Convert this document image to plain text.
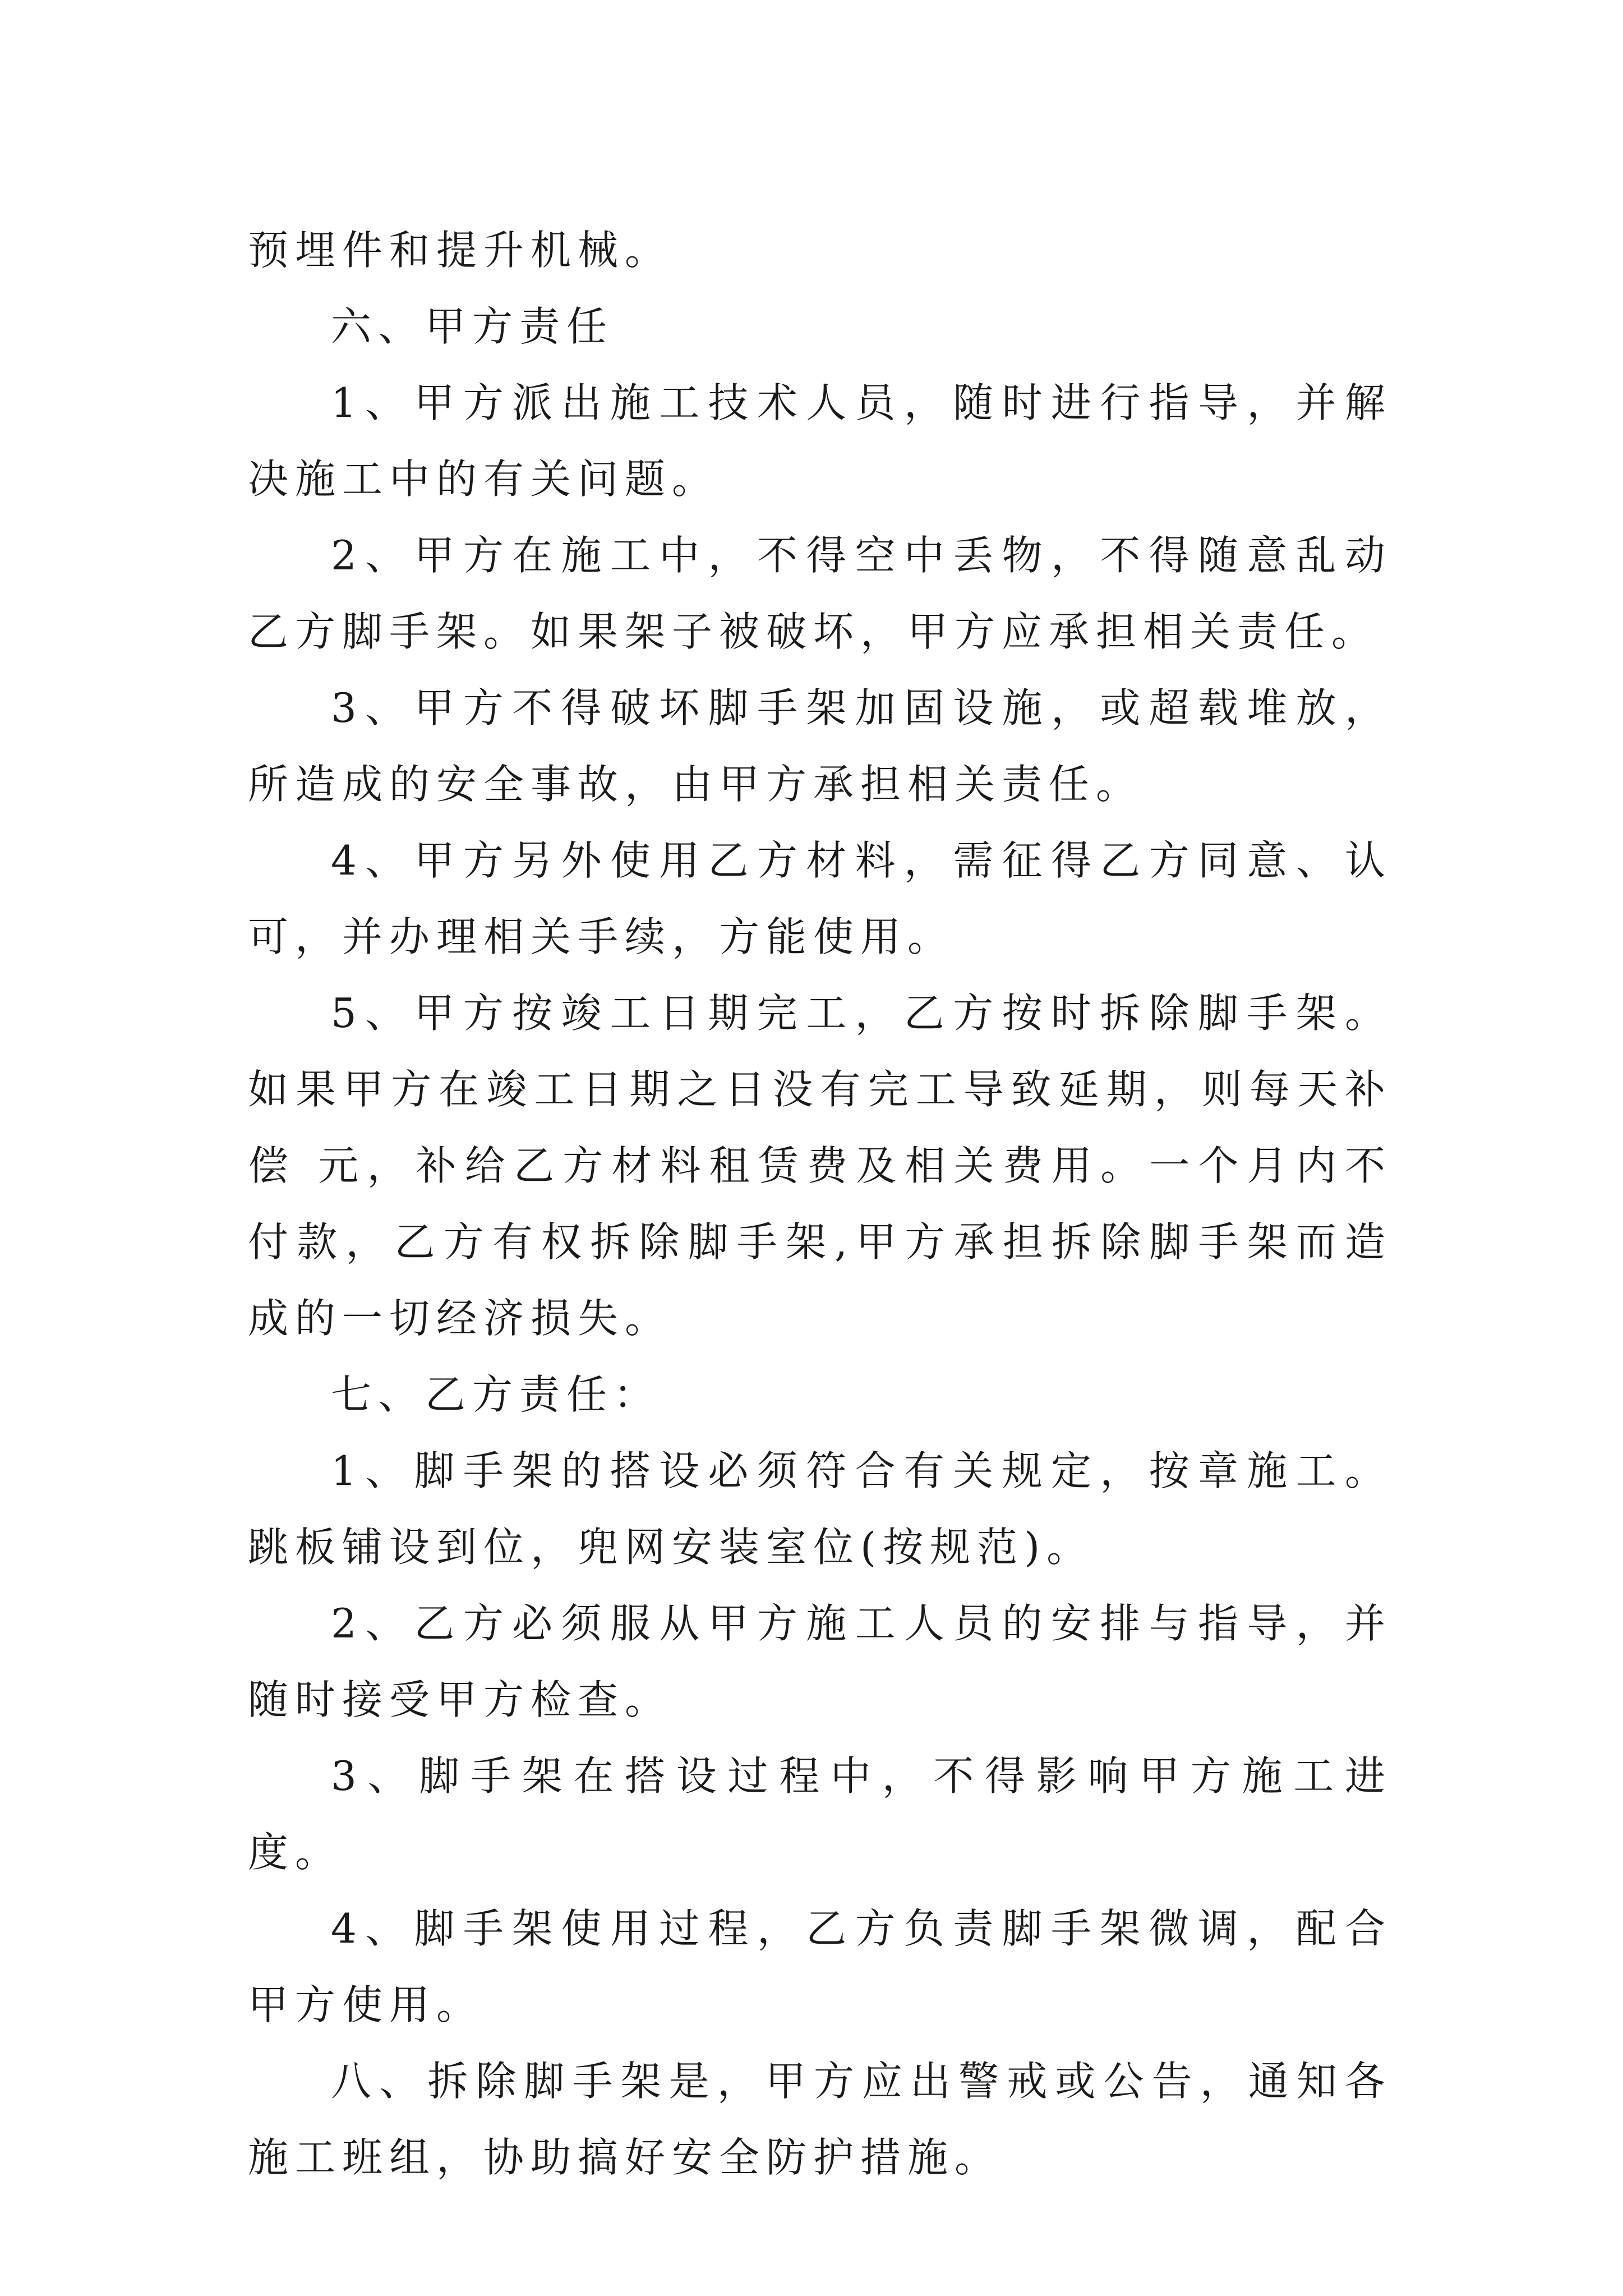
预埋件和提升机械。

六、甲方责任

1、甲方派出施工技术人员，随时进行指导，并解决施工中的有关问题。

2、甲方在施工中，不得空中丢物，不得随意乱动乙方脚手架。如果架子被破坏，甲方应承担相关责任。

3、甲方不得破坏脚手架加固设施，或超载堆放，所造成的安全事故，由甲方承担相关责任。

4、甲方另外使用乙方材料，需征得乙方同意、认可，并办理相关手续，方能使用。

5、甲方按竣工日期完工，乙方按时拆除脚手架。如果甲方在竣工日期之日没有完工导致延期，则每天补偿 元，补给乙方材料租赁费及相关费用。一个月内不付款，乙方有权拆除脚手架,甲方承担拆除脚手架而造成的一切经济损失。

七、乙方责任：

1、脚手架的搭设必须符合有关规定，按章施工。跳板铺设到位，兜网安装室位(按规范)。

2、乙方必须服从甲方施工人员的安排与指导，并随时接受甲方检查。

3、脚手架在搭设过程中，不得影响甲方施工进度。

4、脚手架使用过程，乙方负责脚手架微调，配合甲方使用。

八、拆除脚手架是，甲方应出警戒或公告，通知各施工班组，协助搞好安全防护措施。
